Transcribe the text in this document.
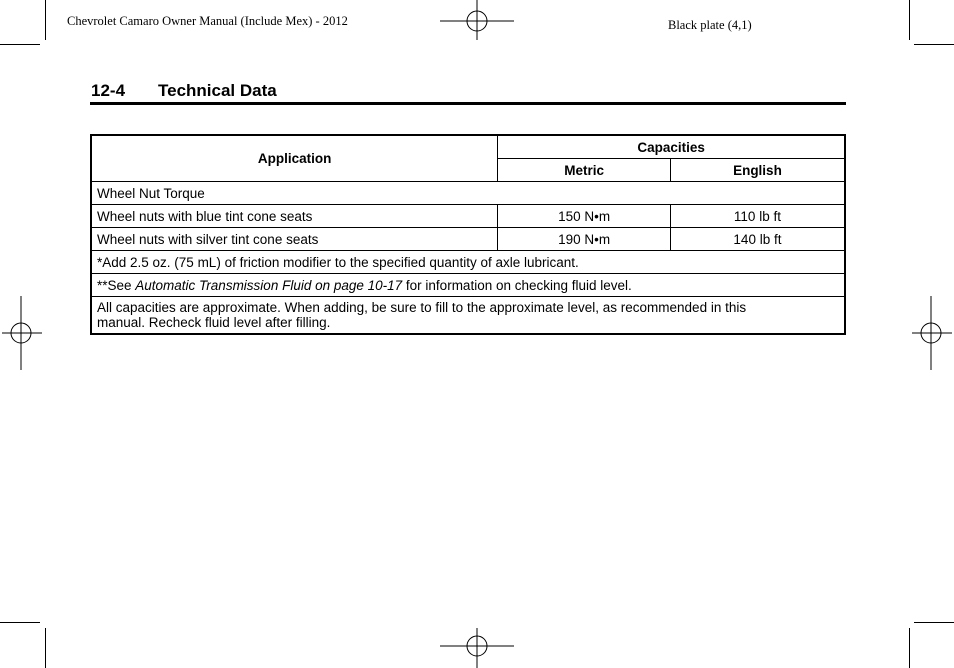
Chevrolet Camaro Owner Manual (Include Mex) - 2012	Black plate (4,1)
12-4 Technical Data
Application	Capacities	
	Metric	English
Wheel Nut Torque		
Wheel nuts with blue tint cone seats	150 N•m	110 lb ft
Wheel nuts with silver tint cone seats	190 N•m	140 lb ft
*Add 2.5 oz. (75 mL) of friction modifier to the specified quantity of axle lubricant.		
**See Automatic Transmission Fluid on page 10-17 for information on checking fluid level.		
All capacities are approximate. When adding, be sure to fill to the approximate level, as recommended in this manual. Recheck fluid level after filling.		
